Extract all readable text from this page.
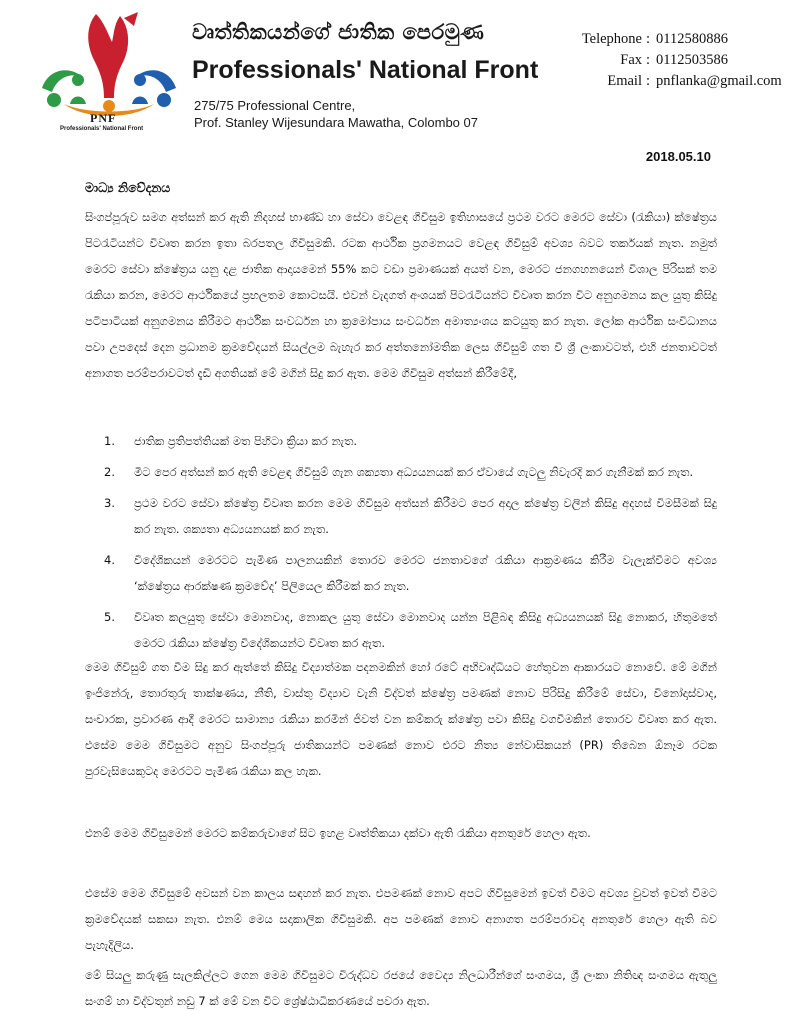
PNF
Professionals' National Front
වෘත්තිකයන්ගේ ජාතික පෙරමුණ
Professionals' National Front
275/75 Professional Centre,
Prof. Stanley Wijesundara Mawatha, Colombo 07
Telephone : 0112580886
Fax : 0112503586
Email : pnflanka@gmail.com
2018.05.10
මාධ්‍ය නිවේදනය
සිංගප්පූරුව සමග අත්සන් කර ඇති නිදහස් භාණ්ඩ හා සේවා වෙළඳ ගිවිසුම ඉතිහාසයේ ප්‍රථම වරට මෙරට සේවා (රැකියා) ක්ෂේත්‍රය පිටරැටියන්ට විවෘත කරන ඉතා බරපතල ගිවිසුමකි. රටක ආර්ථික ප්‍රගමනයට වෙළඳ ගිවිසුම් අවශ්‍ය බවට තර්කයක් නැත. නමුත් මෙරට සේවා ක්ෂේත්‍රය යනු දළ ජාතික ආදායමෙන් 55% කට වඩා ප්‍රමාණයක් අයත් වන, මෙරට ජනගහනයෙන් විශාල පිරිසක් තම රැකියා කරන, මෙරට ආර්ථිකයේ ප්‍රභලතම කොටසයි. එවන් වැදගත් අංශයක් පිටරැටියන්ට විවෘත කරන විට අනුගමනය කල යුතු කිසිදු පටිපාටියක් අනුගමනය කිරීමට ආර්ථික සංවර්ධන හා ක්‍රමෝපාය සංවර්ධන අමාත්‍යංශය කටයුතු කර නැත. ලෝක ආර්ථික සංවිධානය පවා උපදෙස් දෙන ප්‍රධානම ක්‍රමවේදයන් සියල්ලම බැහැර කර අත්තනෝමතික ලෙස ගිවිසුම් ගත වී ශ්‍රී ලංකාවටත්, එහි ජනතාවටත් අනාගත පරම්පරාවටත් දැඩි අගතියක් මේ මගින් සිදු කර ඇත. මෙම ගිවිසුම අත්සන් කිරීමේදී,
1.	ජාතික ප්‍රතිපත්තියක් මත පිහිටා ක්‍රියා කර නැත.
2.	මීට පෙර අත්සන් කර ඇති වෙළඳ ගිවිසුම් ගැන ශක්‍යතා අධ්‍යයනයක් කර ඒවායේ ගැටලු නිවැරදි කර ගැනීමක් කර නැත.
3.	ප්‍රථම වරට සේවා ක්ෂේත්‍ර විවෘත කරන මෙම ගිවිසුම අත්සන් කිරීමට පෙර අදාල ක්ෂේත්‍ර වලින් කිසිදු අදහස් විමසීමක් සිදු කර නැත. ශක්‍යතා අධ්‍යයනයක් කර නැත.
4.	විදේශිකයන් මෙරටට පැමිණ පාලනයකින් තොරව මෙරට ජනතාවගේ රැකියා ආක්‍රමණය කිරීම වැලැක්වීමට අවශ්‍ය ‘ක්ෂේත්‍රය ආරක්ෂණ ක්‍රමවේද’ පිලියෙල කිරීමක් කර නැත.
5.	විවෘත කලයුතු සේවා මොනවාද, නොකල යුතු සේවා මොනවාද යන්න පිළිබඳ කිසිදු අධ්‍යයනයක් සිදු නොකර, හිතුමතේ මෙරට රැකියා ක්ෂේත්‍ර විදේශිකයන්ට විවෘත කර ඇත.
මෙම ගිවිසුම් ගත වීම සිදු කර ඇත්තේ කිසිදු විද්‍යාත්මක පදනමකින් හෝ රටේ අභිවෘද්ධියට හේතුවන ආකාරයට නොවේ. මේ මගින් ඉංජිනේරු, තොරතුරු තාක්ෂණය, නීති, වාස්තු විද්‍යාව වැනි විද්වත් ක්ෂේත්‍ර පමණක් නොව පිරිසිදු කිරීමේ සේවා, විනෝදාස්වාද, සංචාරක, ප්‍රවාරණ ආදී මෙරට සාමාන්‍ය රැකියා කරමින් ජිවත් වන කම්කරු ක්ෂේත්‍ර පවා කිසිදු වගවීමකින් තොරව විවෘත කර ඇත. එසේම මෙම ගිවිසුමට අනුව සිංගප්පූරු ජාතිකයන්ට පමණක් නොව එරට නිත්‍ය නේවාසිකයන් (PR) තිබෙන ඕනෑම රටක පුරවැසියෙකුටද මෙරටට පැමිණ රැකියා කල හැක.
එනම් මෙම ගිවිසුමෙන් මෙරට කම්කරුවාගේ සිට ඉහළ වෘත්තිකයා දක්වා ඇති රැකියා අනතුරේ හෙලා ඇත.
එසේම මෙම ගිවිසුමේ අවසන් වන කාලය සඳහන් කර නැත. එපමණක් නොව අපට ගිවිසුමෙන් ඉවත් වීමට අවශ්‍ය වුවත් ඉවත් වීමට ක්‍රමවේදයක් සකසා නැත. එනම් මෙය සදාකාලික ගිවිසුමකි. අප පමණක් නොව අනාගත පරම්පරාවද අනතුරේ හෙලා ඇති බව පැහැදිලිය.
මේ සියලු කරුණු සැලකිල්ලට ගෙන මෙම ගිවිසුමට විරුද්ධව රජයේ වෛද්‍ය නිලධාරීන්ගේ සංගමය, ශ්‍රී ලංකා නිතිඥ සංගමය ඇතුලු සංගම් හා විද්වතුන් නඩු 7 ක් මේ වන විට ශ්‍රේෂ්ඨාධිකරණයේ පවරා ඇත.
